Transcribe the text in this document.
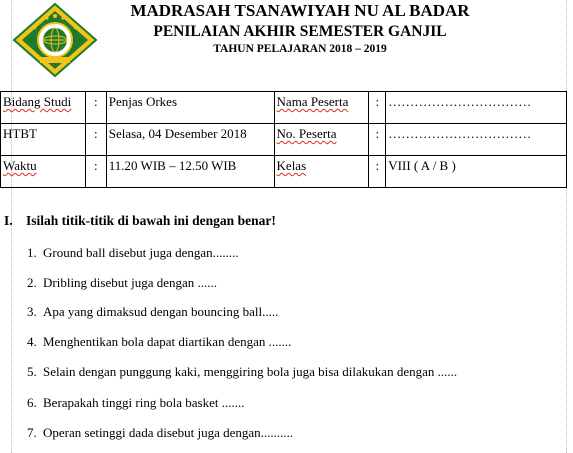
MADRASAH TSANAWIYAH NU AL BADAR
PENILAIAN AKHIR SEMESTER GANJIL
TAHUN PELAJARAN 2018 – 2019
Bidang Studi	:	Penjas Orkes	Nama Peserta	:	……………………………
HTBT	:	Selasa, 04 Desember 2018	No. Peserta	:	……………………………
Waktu	:	11.20 WIB – 12.50 WIB	Kelas	:	VIII ( A / B )
I. Isilah titik-titik di bawah ini dengan benar!
1. Ground ball disebut juga dengan........
2. Dribling disebut juga dengan ......
3. Apa yang dimaksud dengan bouncing ball.....
4. Menghentikan bola dapat diartikan dengan .......
5. Selain dengan punggung kaki, menggiring bola juga bisa dilakukan dengan ......
6. Berapakah tinggi ring bola basket .......
7. Operan setinggi dada disebut juga dengan..........
